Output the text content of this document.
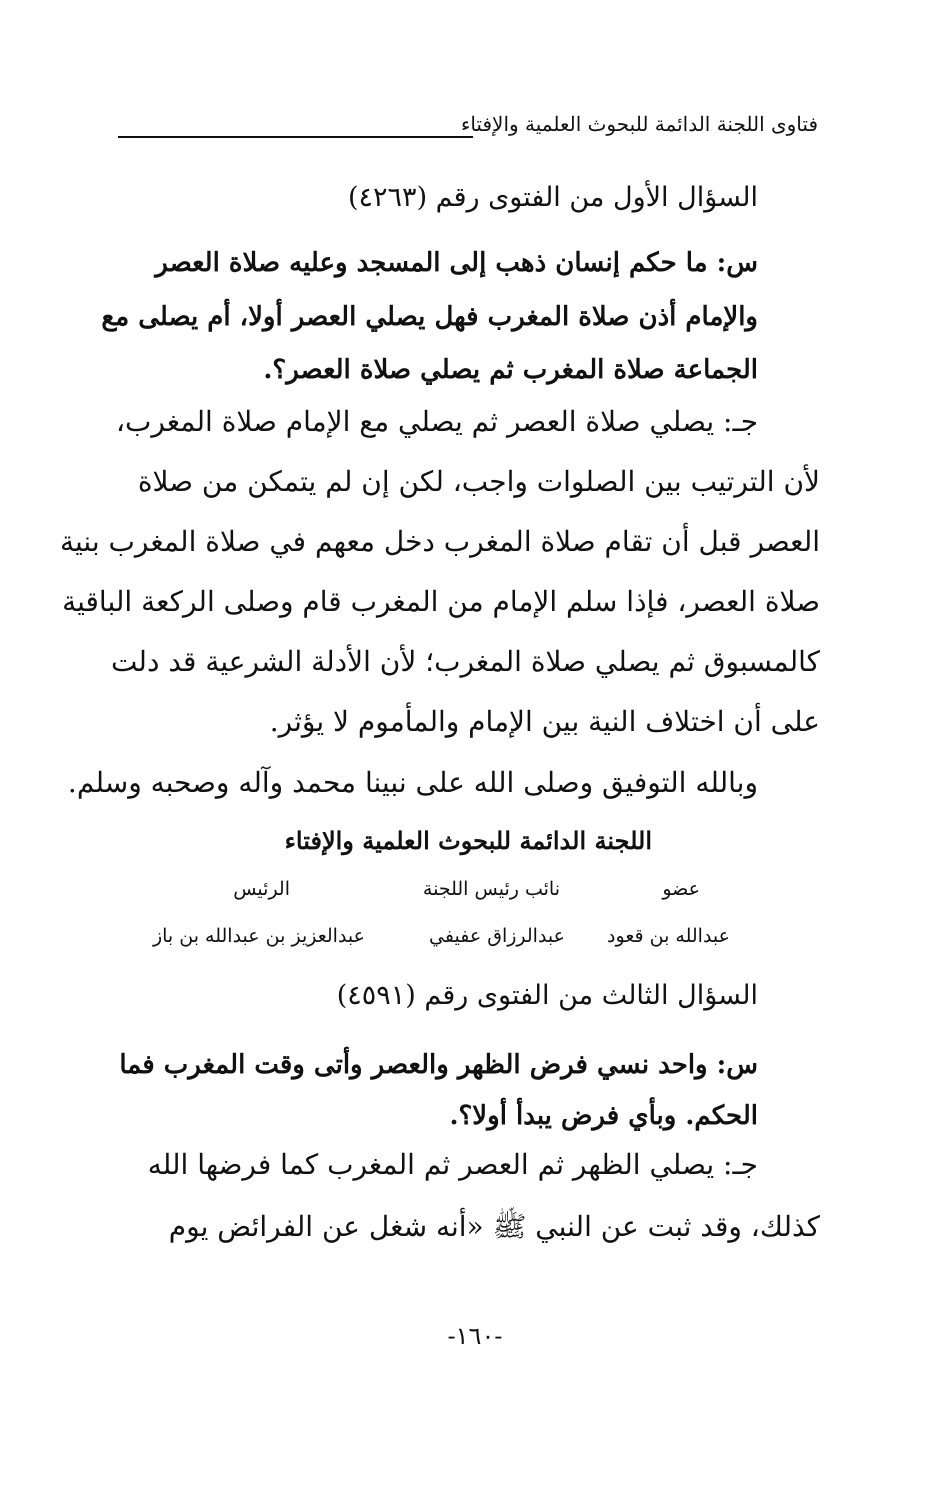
فتاوى اللجنة الدائمة للبحوث العلمية والإفتاء
السؤال الأول من الفتوى رقم (٤٢٦٣)
س: ما حكم إنسان ذهب إلى المسجد وعليه صلاة العصر
والإمام أذن صلاة المغرب فهل يصلي العصر أولا، أم يصلى مع
الجماعة صلاة المغرب ثم يصلي صلاة العصر؟.
جـ: يصلي صلاة العصر ثم يصلي مع الإمام صلاة المغرب،
لأن الترتيب بين الصلوات واجب، لكن إن لم يتمكن من صلاة
العصر قبل أن تقام صلاة المغرب دخل معهم في صلاة المغرب بنية
صلاة العصر، فإذا سلم الإمام من المغرب قام وصلى الركعة الباقية
كالمسبوق ثم يصلي صلاة المغرب؛ لأن الأدلة الشرعية قد دلت
على أن اختلاف النية بين الإمام والمأموم لا يؤثر.
وبالله التوفيق وصلى الله على نبينا محمد وآله وصحبه وسلم.
اللجنة الدائمة للبحوث العلمية والإفتاء
عضو
نائب رئيس اللجنة
الرئيس
عبدالله بن قعود
عبدالرزاق عفيفي
عبدالعزيز بن عبدالله بن باز
السؤال الثالث من الفتوى رقم (٤٥٩١)
س: واحد نسي فرض الظهر والعصر وأتى وقت المغرب فما
الحكم. وبأي فرض يبدأ أولا؟.
جـ: يصلي الظهر ثم العصر ثم المغرب كما فرضها الله
كذلك، وقد ثبت عن النبي ﷺ «أنه شغل عن الفرائض يوم
-١٦٠-
